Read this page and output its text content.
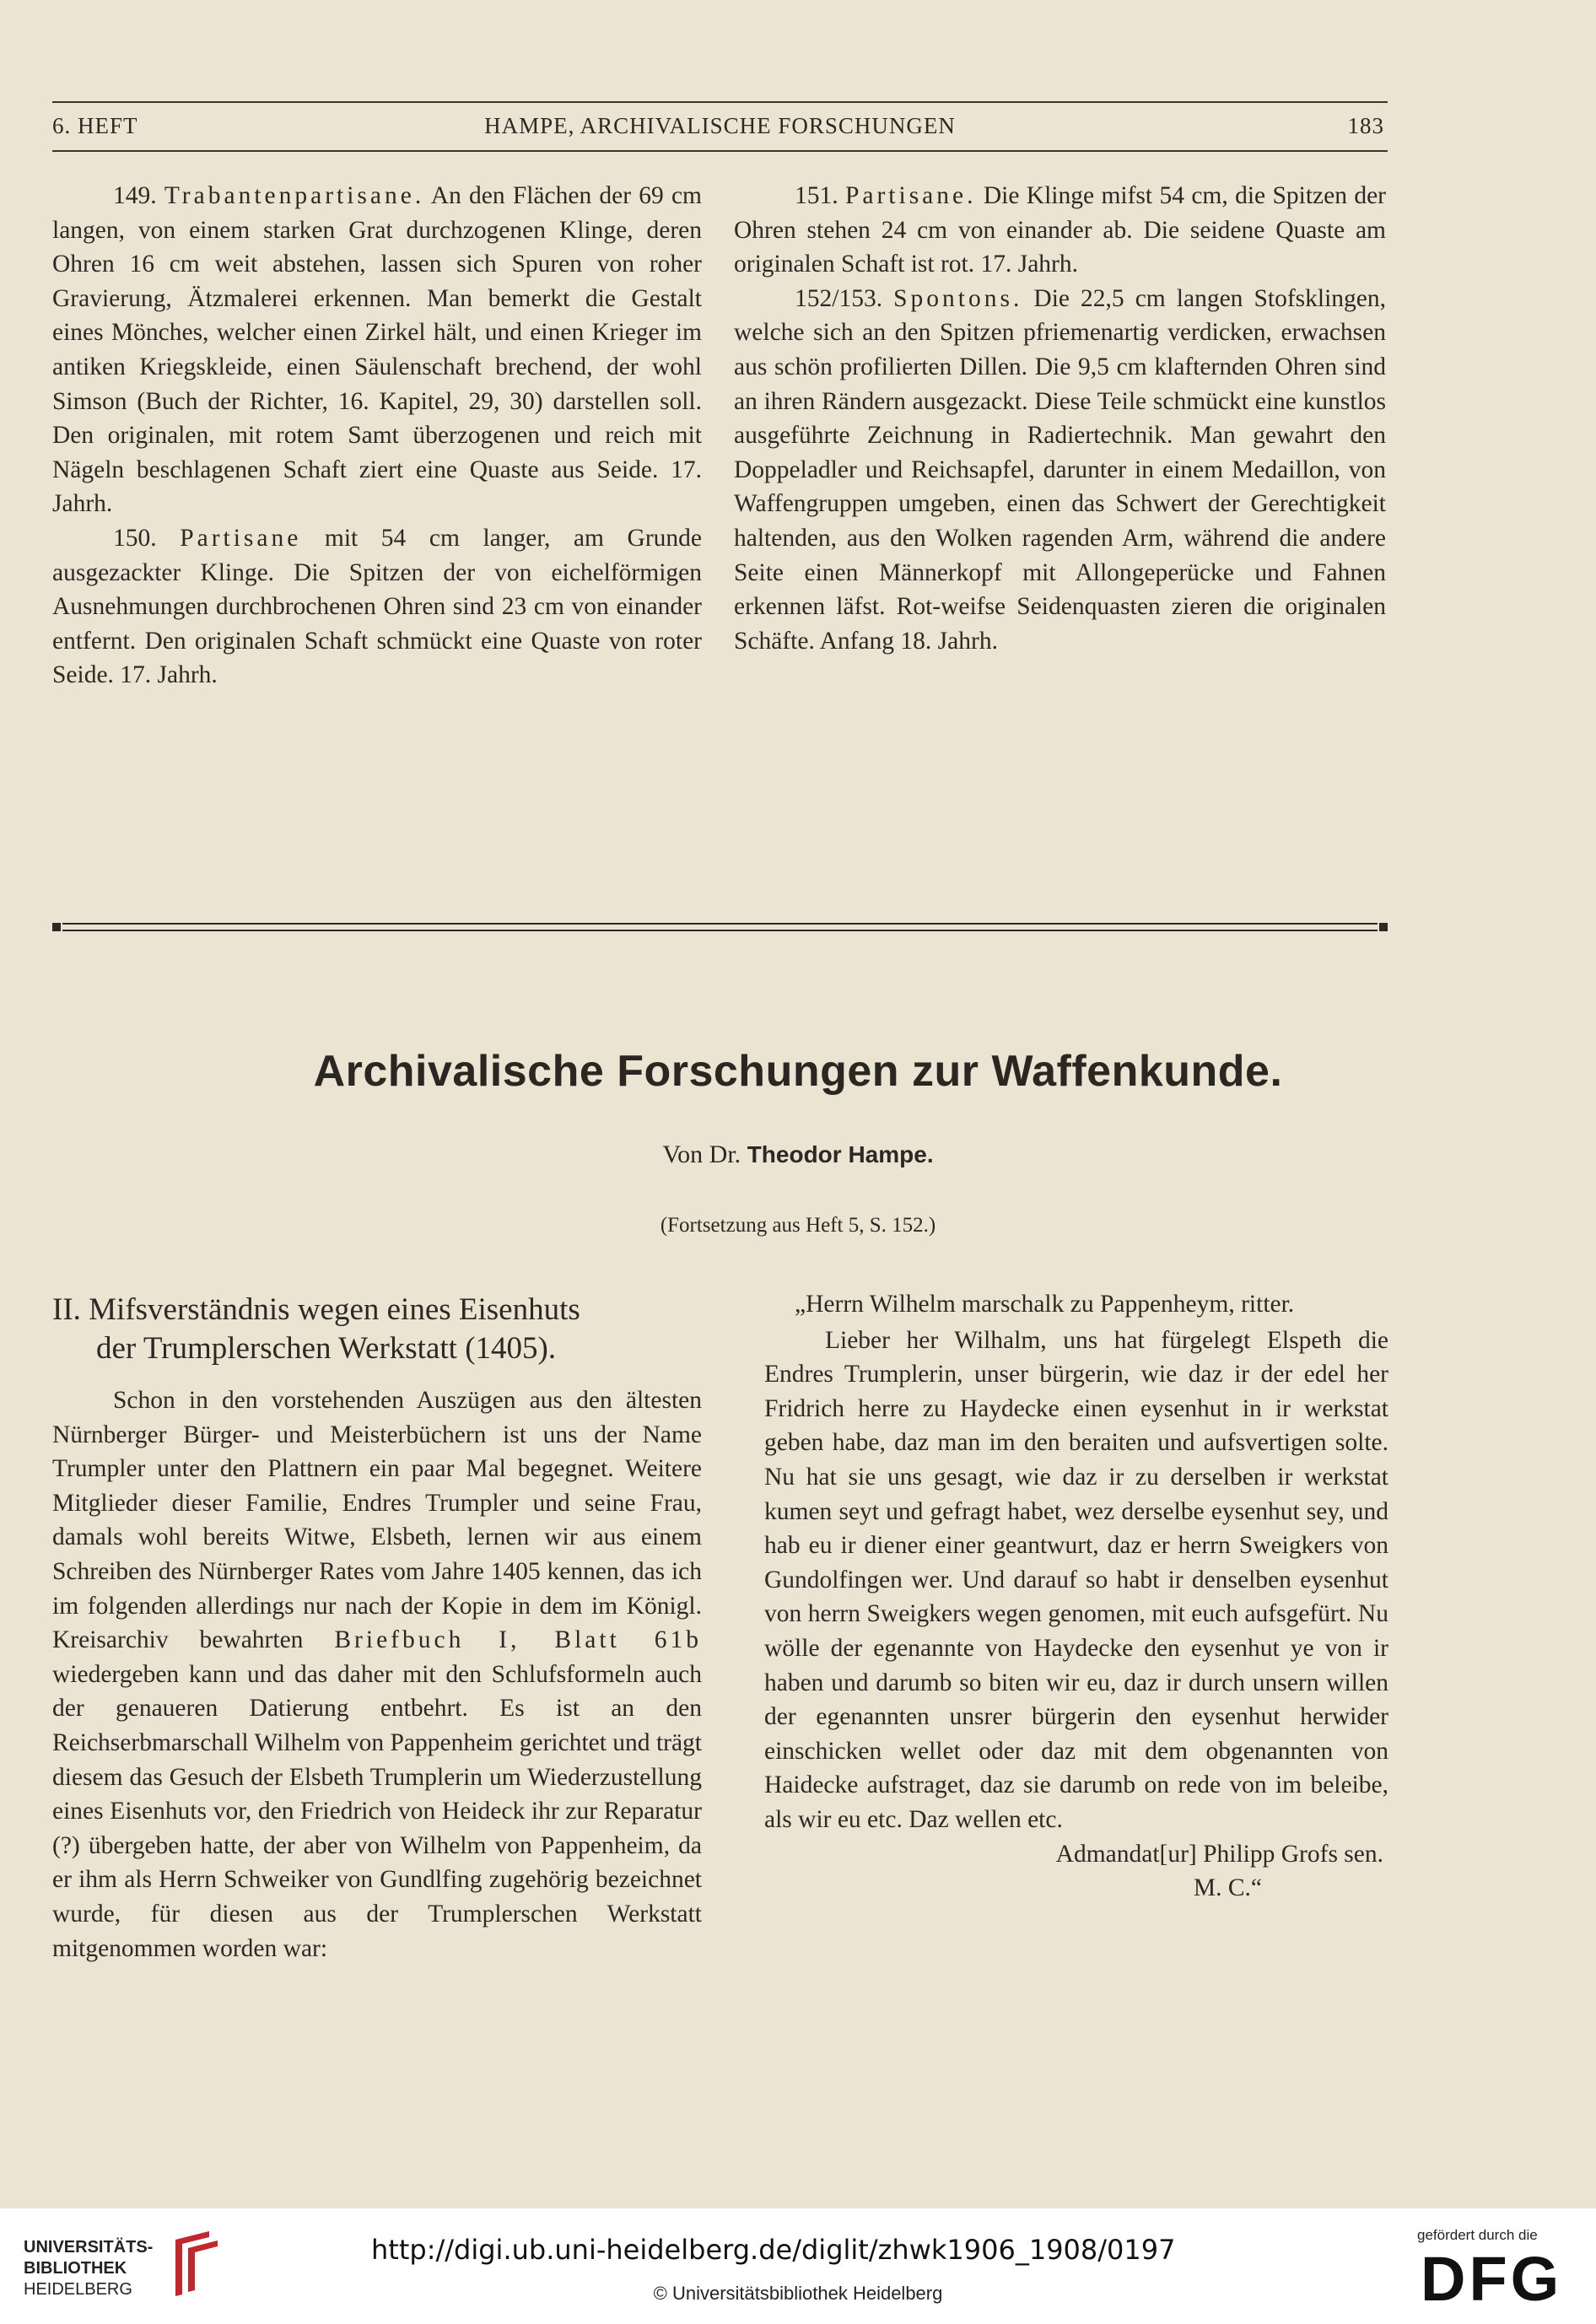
6. HEFT	HAMPE, ARCHIVALISCHE FORSCHUNGEN	183

149. Trabantenpartisane. An den Flächen der 69 cm langen, von einem starken Grat durchzogenen Klinge, deren Ohren 16 cm weit abstehen, lassen sich Spuren von roher Gravierung, Ätzmalerei erkennen. Man bemerkt die Gestalt eines Mönches, welcher einen Zirkel hält, und einen Krieger im antiken Kriegskleide, einen Säulenschaft brechend, der wohl Simson (Buch der Richter, 16. Kapitel, 29, 30) darstellen soll. Den originalen, mit rotem Samt überzogenen und reich mit Nägeln beschlagenen Schaft ziert eine Quaste aus Seide. 17. Jahrh.

150. Partisane mit 54 cm langer, am Grunde ausgezackter Klinge. Die Spitzen der von eichelförmigen Ausnehmungen durchbrochenen Ohren sind 23 cm von einander entfernt. Den originalen Schaft schmückt eine Quaste von roter Seide. 17. Jahrh.

151. Partisane. Die Klinge mifst 54 cm, die Spitzen der Ohren stehen 24 cm von einander ab. Die seidene Quaste am originalen Schaft ist rot. 17. Jahrh.

152/153. Spontons. Die 22,5 cm langen Stofsklingen, welche sich an den Spitzen pfriemenartig verdicken, erwachsen aus schön profilierten Dillen. Die 9,5 cm klafternden Ohren sind an ihren Rändern ausgezackt. Diese Teile schmückt eine kunstlos ausgeführte Zeichnung in Radiertechnik. Man gewahrt den Doppeladler und Reichsapfel, darunter in einem Medaillon, von Waffengruppen umgeben, einen das Schwert der Gerechtigkeit haltenden, aus den Wolken ragenden Arm, während die andere Seite einen Männerkopf mit Allongeperücke und Fahnen erkennen läfst. Rot-weifse Seidenquasten zieren die originalen Schäfte. Anfang 18. Jahrh.

Archivalische Forschungen zur Waffenkunde.
Von Dr. Theodor Hampe.
(Fortsetzung aus Heft 5, S. 152.)
II. Mifsverständnis wegen eines Eisenhuts
der Trumplerschen Werkstatt (1405).

Schon in den vorstehenden Auszügen aus den ältesten Nürnberger Bürger- und Meisterbüchern ist uns der Name Trumpler unter den Plattnern ein paar Mal begegnet. Weitere Mitglieder dieser Familie, Endres Trumpler und seine Frau, damals wohl bereits Witwe, Elsbeth, lernen wir aus einem Schreiben des Nürnberger Rates vom Jahre 1405 kennen, das ich im folgenden allerdings nur nach der Kopie in dem im Königl. Kreisarchiv bewahrten Briefbuch I, Blatt 61b wiedergeben kann und das daher mit den Schlufsformeln auch der genaueren Datierung entbehrt. Es ist an den Reichserbmarschall Wilhelm von Pappenheim gerichtet und trägt diesem das Gesuch der Elsbeth Trumplerin um Wiederzustellung eines Eisenhuts vor, den Friedrich von Heideck ihr zur Reparatur (?) übergeben hatte, der aber von Wilhelm von Pappenheim, da er ihm als Herrn Schweiker von Gundlfing zugehörig bezeichnet wurde, für diesen aus der Trumplerschen Werkstatt mitgenommen worden war:

„Herrn Wilhelm marschalk zu Pappenheym, ritter.

Lieber her Wilhalm, uns hat fürgelegt Elspeth die Endres Trumplerin, unser bürgerin, wie daz ir der edel her Fridrich herre zu Haydecke einen eysenhut in ir werkstat geben habe, daz man im den beraiten und aufsvertigen solte. Nu hat sie uns gesagt, wie daz ir zu derselben ir werkstat kumen seyt und gefragt habet, wez derselbe eysenhut sey, und hab eu ir diener einer geantwurt, daz er herrn Sweigkers von Gundolfingen wer. Und darauf so habt ir denselben eysenhut von herrn Sweigkers wegen genomen, mit euch aufsgefürt. Nu wölle der egenannte von Haydecke den eysenhut ye von ir haben und darumb so biten wir eu, daz ir durch unsern willen der egenannten unsrer bürgerin den eysenhut herwider einschicken wellet oder daz mit dem obgenannten von Haidecke aufstraget, daz sie darumb on rede von im beleibe, als wir eu etc. Daz wellen etc.

Admandat[ur] Philipp Grofs sen.

M. C.“

UNIVERSITÄTS-
BIBLIOTHEK
HEIDELBERG
http://digi.ub.uni-heidelberg.de/diglit/zhwk1906_1908/0197
© Universitätsbibliothek Heidelberg
gefördert durch die
DFG
